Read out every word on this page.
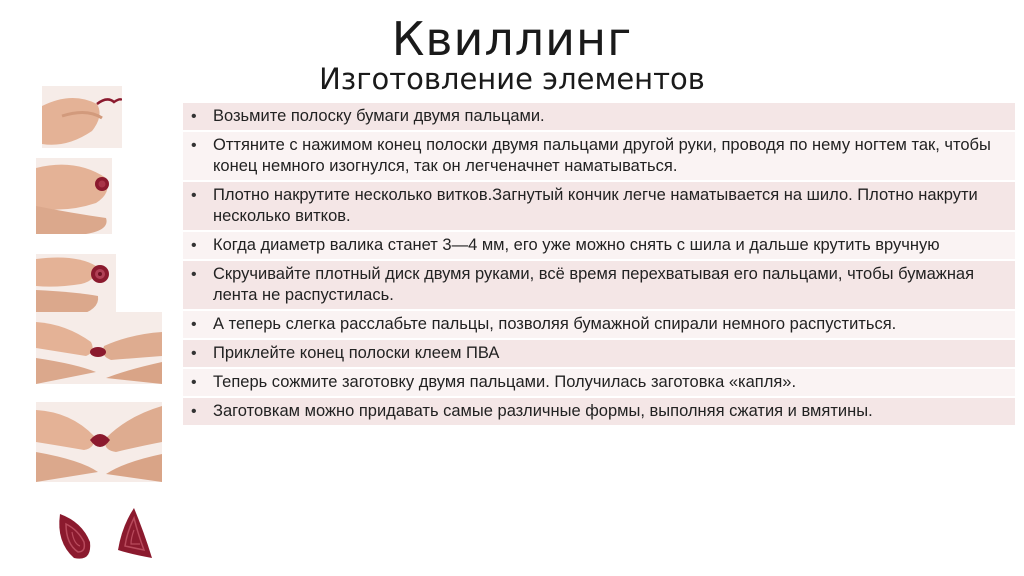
Квиллинг
Изготовление элементов
• Возьмите полоску бумаги двумя пальцами.
• Оттяните с нажимом конец полоски двумя пальцами другой руки, проводя по нему ногтем так, чтобы конец немного изогнулся, так он легченачнет наматываться.
• Плотно накрутите несколько витков.Загнутый кончик легче наматывается на шило. Плотно накрути несколько витков.
• Когда диаметр валика станет 3—4 мм, его уже можно снять с шила и дальше крутить вручную
• Скручивайте плотный диск двумя руками, всё время перехватывая его пальцами, чтобы бумажная лента не распустилась.
• А теперь слегка расслабьте пальцы, позволяя бумажной спирали немного распуститься.
• Приклейте конец полоски клеем ПВА
• Теперь сожмите заготовку двумя пальцами. Получилась заготовка «капля».
• Заготовкам можно придавать самые различные формы, выполняя сжатия и вмятины.
